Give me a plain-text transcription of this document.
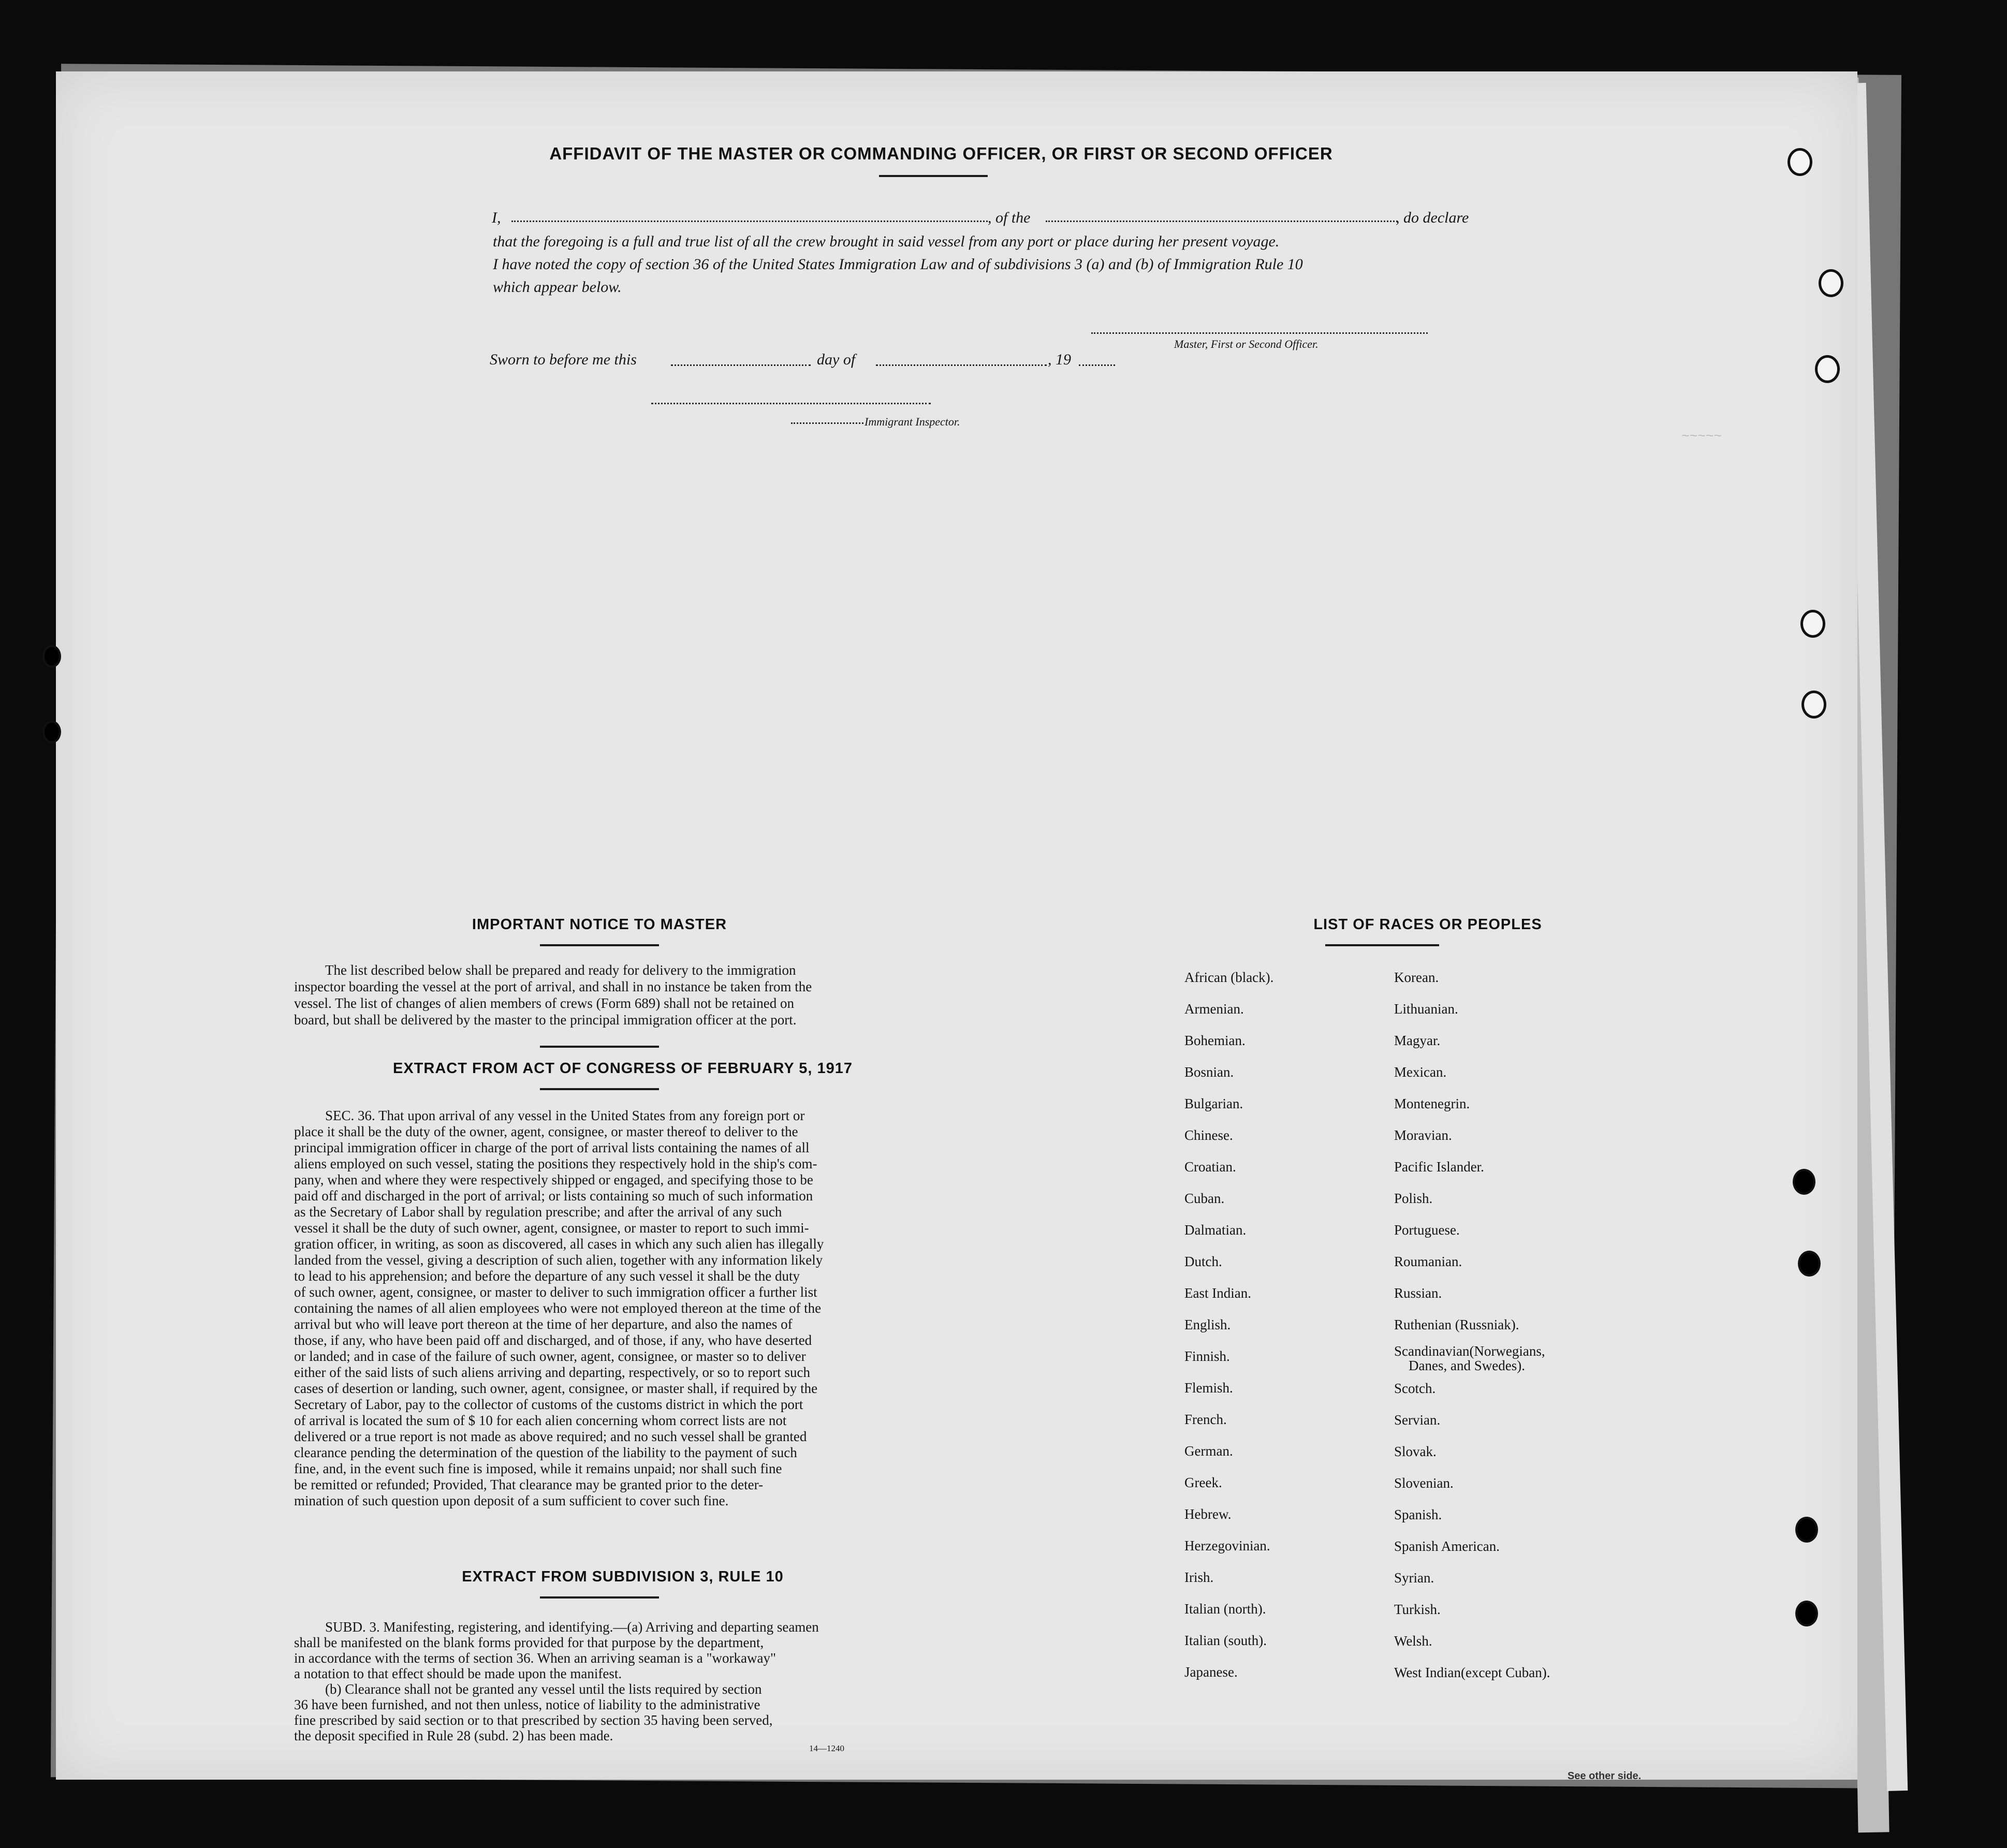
~~~~~
AFFIDAVIT OF THE MASTER OR COMMANDING OFFICER, OR FIRST OR SECOND OFFICER
I,	, of the	, do declare
that the foregoing is a full and true list of all the crew brought in said vessel from any port or place during her present voyage.
I have noted the copy of section 36 of the United States Immigration Law and of subdivisions 3 (a) and (b) of Immigration Rule 10
which appear below.
Master, First or Second Officer.
Sworn to before me this	day of	, 19
Immigrant Inspector.
IMPORTANT NOTICE TO MASTER
The list described below shall be prepared and ready for delivery to the immigration
inspector boarding the vessel at the port of arrival, and shall in no instance be taken from the
vessel. The list of changes of alien members of crews (Form 689) shall not be retained on
board, but shall be delivered by the master to the principal immigration officer at the port.
EXTRACT FROM ACT OF CONGRESS OF FEBRUARY 5, 1917
SEC. 36. That upon arrival of any vessel in the United States from any foreign port or
place it shall be the duty of the owner, agent, consignee, or master thereof to deliver to the
principal immigration officer in charge of the port of arrival lists containing the names of all
aliens employed on such vessel, stating the positions they respectively hold in the ship's com-
pany, when and where they were respectively shipped or engaged, and specifying those to be
paid off and discharged in the port of arrival; or lists containing so much of such information
as the Secretary of Labor shall by regulation prescribe; and after the arrival of any such
vessel it shall be the duty of such owner, agent, consignee, or master to report to such immi-
gration officer, in writing, as soon as discovered, all cases in which any such alien has illegally
landed from the vessel, giving a description of such alien, together with any information likely
to lead to his apprehension; and before the departure of any such vessel it shall be the duty
of such owner, agent, consignee, or master to deliver to such immigration officer a further list
containing the names of all alien employees who were not employed thereon at the time of the
arrival but who will leave port thereon at the time of her departure, and also the names of
those, if any, who have been paid off and discharged, and of those, if any, who have deserted
or landed; and in case of the failure of such owner, agent, consignee, or master so to deliver
either of the said lists of such aliens arriving and departing, respectively, or so to report such
cases of desertion or landing, such owner, agent, consignee, or master shall, if required by the
Secretary of Labor, pay to the collector of customs of the customs district in which the port
of arrival is located the sum of $ 10 for each alien concerning whom correct lists are not
delivered or a true report is not made as above required; and no such vessel shall be granted
clearance pending the determination of the question of the liability to the payment of such
fine, and, in the event such fine is imposed, while it remains unpaid; nor shall such fine
be remitted or refunded; Provided, That clearance may be granted prior to the deter-
mination of such question upon deposit of a sum sufficient to cover such fine.
EXTRACT FROM SUBDIVISION 3, RULE 10
SUBD. 3. Manifesting, registering, and identifying.—(a) Arriving and departing seamen
shall be manifested on the blank forms provided for that purpose by the department,
in accordance with the terms of section 36. When an arriving seaman is a "workaway"
a notation to that effect should be made upon the manifest.
(b) Clearance shall not be granted any vessel until the lists required by section
36 have been furnished, and not then unless, notice of liability to the administrative
fine prescribed by said section or to that prescribed by section 35 having been served,
the deposit specified in Rule 28 (subd. 2) has been made.
14—1240
LIST OF RACES OR PEOPLES
African (black).
Armenian.
Bohemian.
Bosnian.
Bulgarian.
Chinese.
Croatian.
Cuban.
Dalmatian.
Dutch.
East Indian.
English.
Finnish.
Flemish.
French.
German.
Greek.
Hebrew.
Herzegovinian.
Irish.
Italian (north).
Italian (south).
Japanese.
Korean.
Lithuanian.
Magyar.
Mexican.
Montenegrin.
Moravian.
Pacific Islander.
Polish.
Portuguese.
Roumanian.
Russian.
Ruthenian (Russniak).
Scandinavian(Norwegians,
Danes, and Swedes).
Scotch.
Servian.
Slovak.
Slovenian.
Spanish.
Spanish American.
Syrian.
Turkish.
Welsh.
West Indian(except Cuban).
See other side.
